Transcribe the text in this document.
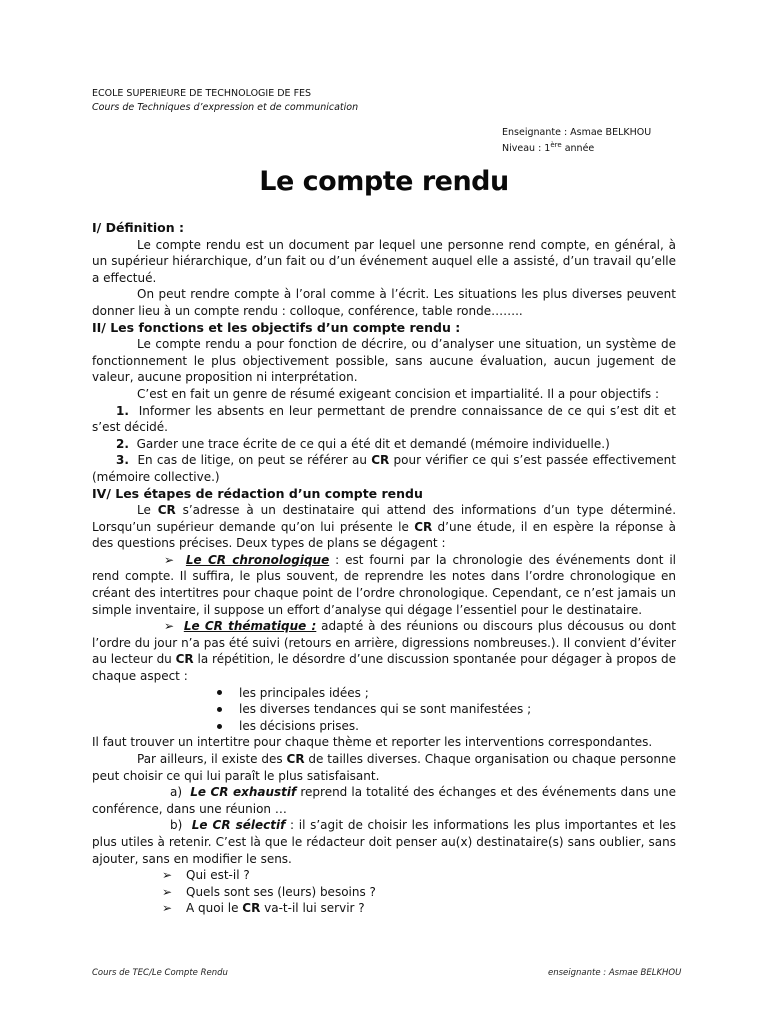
ECOLE SUPERIEURE DE TECHNOLOGIE DE FES
Cours de Techniques d’expression et de communication
Enseignante : Asmae BELKHOU
Niveau : 1ère année
Le compte rendu

I/ Définition :

Le compte rendu est un document par lequel une personne rend compte, en général, à un supérieur hiérarchique, d’un fait ou d’un événement auquel elle a assisté, d’un travail qu’elle a effectué.

On peut rendre compte à l’oral comme à l’écrit. Les situations les plus diverses peuvent donner lieu à un compte rendu : colloque, conférence, table ronde……..

II/ Les fonctions et les objectifs d’un compte rendu :

Le compte rendu a pour fonction de décrire, ou d’analyser une situation, un système de fonctionnement le plus objectivement possible, sans aucune évaluation, aucun jugement de valeur, aucune proposition ni interprétation.

C’est en fait un genre de résumé exigeant concision et impartialité. Il a pour objectifs :

1. Informer les absents en leur permettant de prendre connaissance de ce qui s’est dit et s’est décidé.

2. Garder une trace écrite de ce qui a été dit et demandé (mémoire individuelle.)

3. En cas de litige, on peut se référer au CR pour vérifier ce qui s’est passée effectivement (mémoire collective.)

IV/ Les étapes de rédaction d’un compte rendu

Le CR s’adresse à un destinataire qui attend des informations d’un type déterminé. Lorsqu’un supérieur demande qu’on lui présente le CR d’une étude, il en espère la réponse à des questions précises. Deux types de plans se dégagent :

➢  Le CR chronologique : est fourni par la chronologie des événements dont il rend compte. Il suffira, le plus souvent, de reprendre les notes dans l’ordre chronologique en créant des intertitres pour chaque point de l’ordre chronologique. Cependant, ce n’est jamais un simple inventaire, il suppose un effort d’analyse qui dégage l’essentiel pour le destinataire.

➢  Le CR thématique : adapté à des réunions ou discours plus décousus ou dont l’ordre du jour n’a pas été suivi (retours en arrière, digressions nombreuses.). Il convient d’éviter au lecteur du CR la répétition, le désordre d’une discussion spontanée pour dégager à propos de chaque aspect :

les principales idées ;
les diverses tendances qui se sont manifestées ;
les décisions prises.

Il faut trouver un intertitre pour chaque thème et reporter les interventions correspondantes.

Par ailleurs, il existe des CR de tailles diverses. Chaque organisation ou chaque personne peut choisir ce qui lui paraît le plus satisfaisant.

a) Le CR exhaustif reprend la totalité des échanges et des événements dans une conférence, dans une réunion …

b) Le CR sélectif : il s’agit de choisir les informations les plus importantes et les plus utiles à retenir. C’est là que le rédacteur doit penser au(x) destinataire(s) sans oublier, sans ajouter, sans en modifier le sens.

➢	Qui est-il ?
➢	Quels sont ses (leurs) besoins ?
➢	A quoi le CR va-t-il lui servir ?
Cours de TEC/Le Compte Rendu	enseignante : Asmae BELKHOU
